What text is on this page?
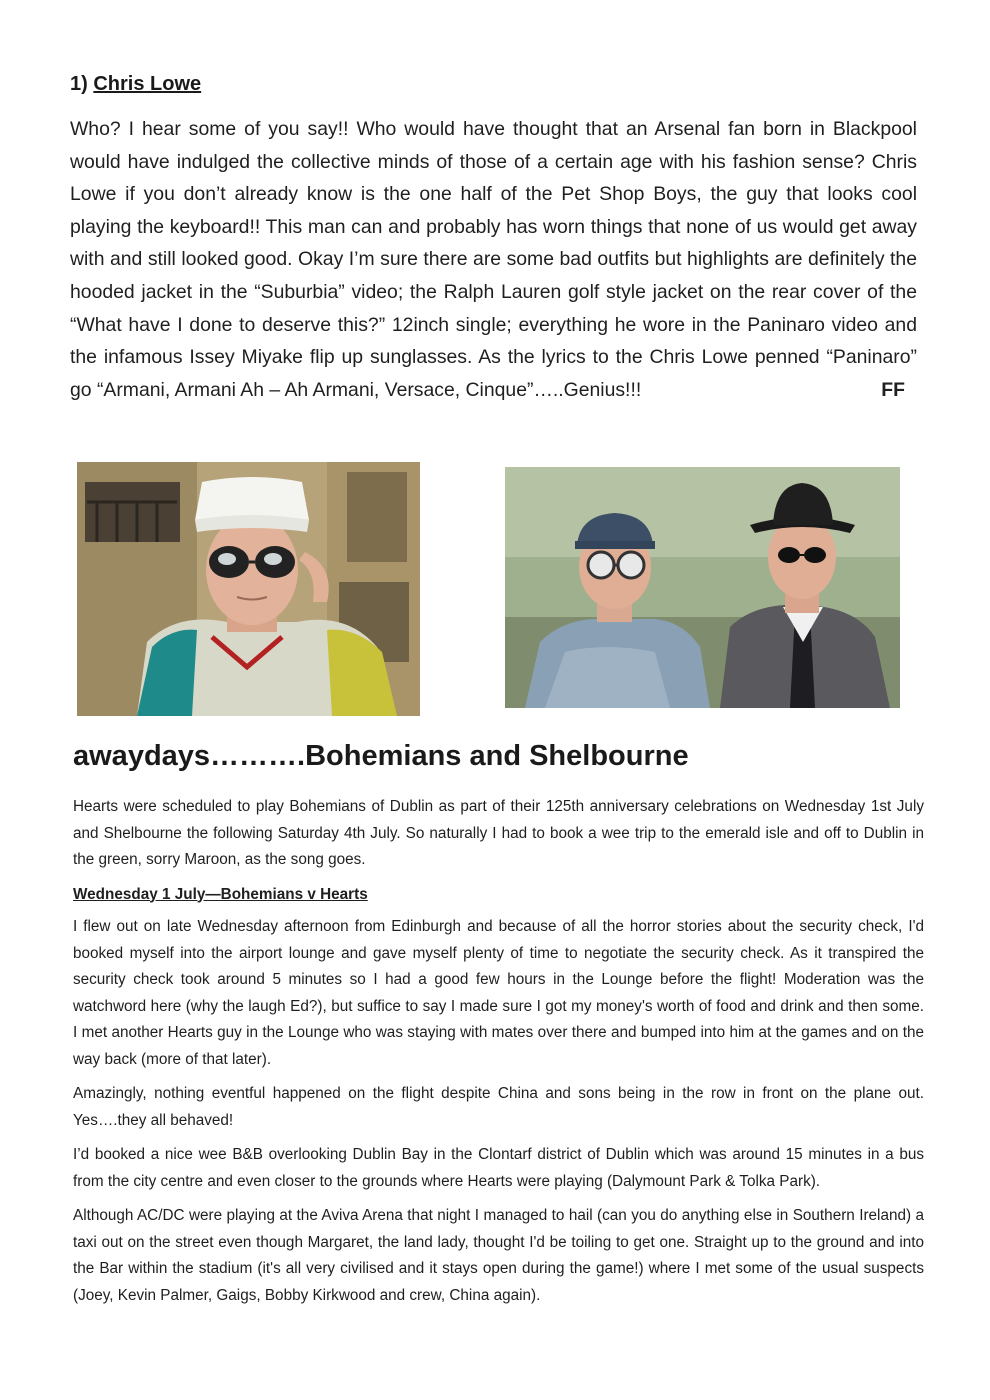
1) Chris Lowe

Who? I hear some of you say!! Who would have thought that an Arsenal fan born in Blackpool would have indulged the collective minds of those of a certain age with his fashion sense? Chris Lowe if you don’t already know is the one half of the Pet Shop Boys, the guy that looks cool playing the keyboard!! This man can and probably has worn things that none of us would get away with and still looked good. Okay I’m sure there are some bad outfits but highlights are definitely the hooded jacket in the “Suburbia” video; the Ralph Lauren golf style jacket on the rear cover of the “What have I done to deserve this?” 12inch single; everything he wore in the Paninaro video and the infamous Issey Miyake flip up sunglasses. As the lyrics to the Chris Lowe penned “Paninaro” go “Armani, Armani Ah – Ah Armani, Versace, Cinque”…..Genius!!!	FF

awaydays……….Bohemians and Shelbourne

Hearts were scheduled to play Bohemians of Dublin as part of their 125th anniversary celebrations on Wednesday 1st July and Shelbourne the following Saturday 4th July. So naturally I had to book a wee trip to the emerald isle and off to Dublin in the green, sorry Maroon, as the song goes.

Wednesday 1 July—Bohemians v Hearts

I flew out on late Wednesday afternoon from Edinburgh and because of all the horror stories about the security check, I'd booked myself into the airport lounge and gave myself plenty of time to negotiate the security check. As it transpired the security check took around 5 minutes so I had a good few hours in the Lounge before the flight! Moderation was the watchword here (why the laugh Ed?), but suffice to say I made sure I got my money's worth of food and drink and then some. I met another Hearts guy in the Lounge who was staying with mates over there and bumped into him at the games and on the way back (more of that later).

Amazingly, nothing eventful happened on the flight despite China and sons being in the row in front on the plane out. Yes….they all behaved!

I’d booked a nice wee B&B overlooking Dublin Bay in the Clontarf district of Dublin which was around 15 minutes in a bus from the city centre and even closer to the grounds where Hearts were playing (Dalymount Park & Tolka Park).

Although AC/DC were playing at the Aviva Arena that night I managed to hail (can you do anything else in Southern Ireland) a taxi out on the street even though Margaret, the land lady, thought I'd be toiling to get one. Straight up to the ground and into the Bar within the stadium (it's all very civilised and it stays open during the game!) where I met some of the usual suspects (Joey, Kevin Palmer, Gaigs, Bobby Kirkwood and crew, China again).
